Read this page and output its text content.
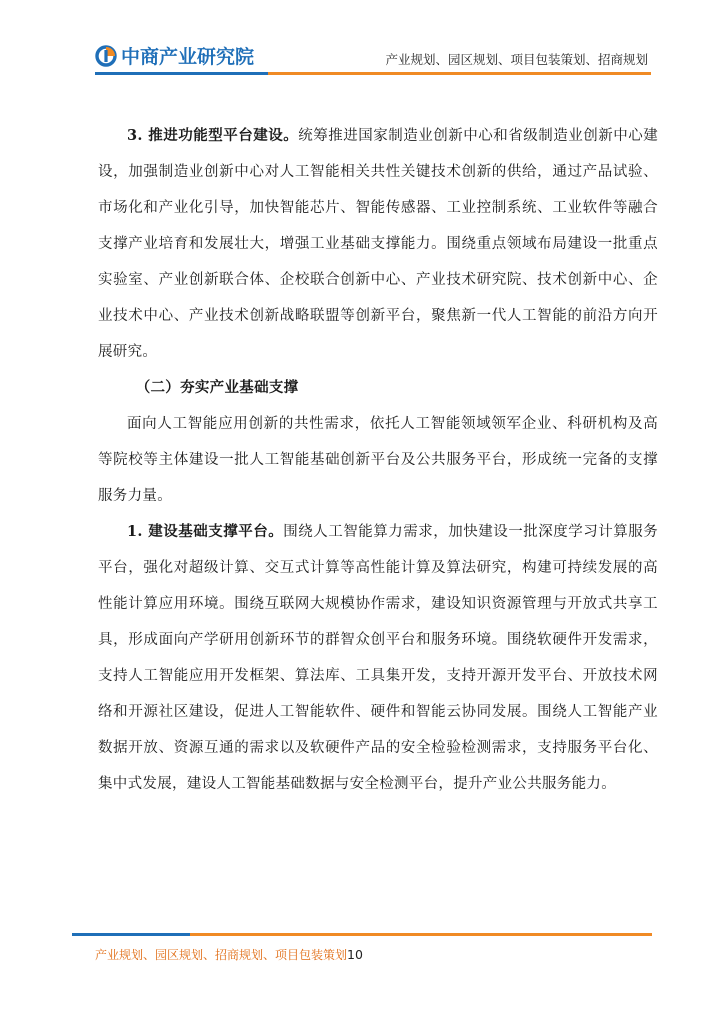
中商产业研究院	产业规划、园区规划、项目包装策划、招商规划

3. 推进功能型平台建设。统筹推进国家制造业创新中心和省级制造业创新中心建设，加强制造业创新中心对人工智能相关共性关键技术创新的供给，通过产品试验、市场化和产业化引导，加快智能芯片、智能传感器、工业控制系统、工业软件等融合支撑产业培育和发展壮大，增强工业基础支撑能力。围绕重点领域布局建设一批重点实验室、产业创新联合体、企校联合创新中心、产业技术研究院、技术创新中心、企业技术中心、产业技术创新战略联盟等创新平台，聚焦新一代人工智能的前沿方向开展研究。

（二）夯实产业基础支撑

面向人工智能应用创新的共性需求，依托人工智能领域领军企业、科研机构及高等院校等主体建设一批人工智能基础创新平台及公共服务平台，形成统一完备的支撑服务力量。

1. 建设基础支撑平台。围绕人工智能算力需求，加快建设一批深度学习计算服务平台，强化对超级计算、交互式计算等高性能计算及算法研究，构建可持续发展的高性能计算应用环境。围绕互联网大规模协作需求，建设知识资源管理与开放式共享工具，形成面向产学研用创新环节的群智众创平台和服务环境。围绕软硬件开发需求，支持人工智能应用开发框架、算法库、工具集开发，支持开源开发平台、开放技术网络和开源社区建设，促进人工智能软件、硬件和智能云协同发展。围绕人工智能产业数据开放、资源互通的需求以及软硬件产品的安全检验检测需求，支持服务平台化、集中式发展，建设人工智能基础数据与安全检测平台，提升产业公共服务能力。

产业规划、园区规划、招商规划、项目包装策划10
